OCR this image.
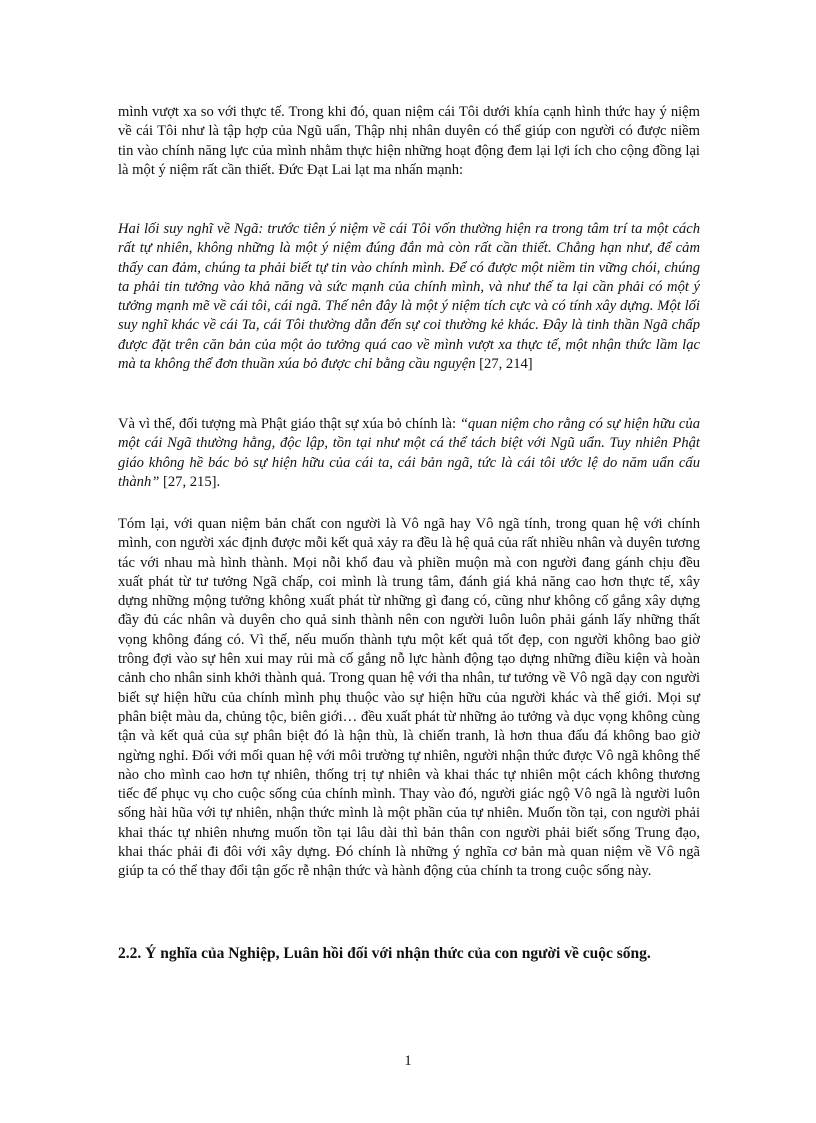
mình vượt xa so với thực tế. Trong khi đó, quan niệm cái Tôi dưới khía cạnh hình thức hay ý niệm về cái Tôi như là tập hợp của Ngũ uẩn, Thập nhị nhân duyên có thể giúp con người có được niềm tin vào chính năng lực của mình nhằm thực hiện những hoạt động đem lại lợi ích cho cộng đồng lại là một ý niệm rất cần thiết. Đức Đạt Lai lạt ma nhấn mạnh:

Hai lối suy nghĩ về Ngã: trước tiên ý niệm về cái Tôi vốn thường hiện ra trong tâm trí ta một cách rất tự nhiên, không những là một ý niệm đúng đắn mà còn rất cần thiết. Chẳng hạn như, để cảm thấy can đảm, chúng ta phải biết tự tin vào chính mình. Để có được một niềm tin vững chói, chúng ta phải tin tưởng vào khả năng và sức mạnh của chính mình, và như thế ta lại cần phải có một ý tưởng mạnh mẽ về cái tôi, cái ngã. Thế nên đây là một ý niệm tích cực và có tính xây dựng. Một lối suy nghĩ khác về cái Ta, cái Tôi thường dẫn đến sự coi thường kẻ khác. Đây là tinh thần Ngã chấp được đặt trên căn bản của một ảo tưởng quá cao về mình vượt xa thực tế, một nhận thức lầm lạc mà ta không thể đơn thuần xúa bỏ được chỉ bằng cầu nguyện [27, 214]

Và vì thế, đối tượng mà Phật giáo thật sự xúa bỏ chính là: “quan niệm cho rằng có sự hiện hữu của một cái Ngã thường hằng, độc lập, tồn tại như một cá thể tách biệt với Ngũ uẩn. Tuy nhiên Phật giáo không hề bác bỏ sự hiện hữu của cái ta, cái bản ngã, tức là cái tôi ước lệ do năm uẩn cấu thành” [27, 215].

Tóm lại, với quan niệm bản chất con người là Vô ngã hay Vô ngã tính, trong quan hệ với chính mình, con người xác định được mỗi kết quả xảy ra đều là hệ quả của rất nhiều nhân và duyên tương tác với nhau mà hình thành. Mọi nỗi khổ đau và phiền muộn mà con người đang gánh chịu đều xuất phát từ tư tưởng Ngã chấp, coi mình là trung tâm, đánh giá khả năng cao hơn thực tế, xây dựng những mộng tưởng không xuất phát từ những gì đang có, cũng như không cố gắng xây dựng đầy đủ các nhân và duyên cho quả sinh thành nên con người luôn luôn phải gánh lấy những thất vọng không đáng có. Vì thế, nếu muốn thành tựu một kết quả tốt đẹp, con người không bao giờ trông đợi vào sự hên xui may rủi mà cố gắng nỗ lực hành động tạo dựng những điều kiện và hoàn cảnh cho nhân sinh khởi thành quả. Trong quan hệ với tha nhân, tư tưởng về Vô ngã dạy con người biết sự hiện hữu của chính mình phụ thuộc vào sự hiện hữu của người khác và thế giới. Mọi sự phân biệt màu da, chủng tộc, biên giới… đều xuất phát từ những ảo tưởng và dục vọng không cùng tận và kết quả của sự phân biệt đó là hận thù, là chiến tranh, là hơn thua đấu đá không bao giờ ngừng nghỉ. Đối với mối quan hệ với môi trường tự nhiên, người nhận thức được Vô ngã không thể nào cho mình cao hơn tự nhiên, thống trị tự nhiên và khai thác tự nhiên một cách không thương tiếc để phục vụ cho cuộc sống của chính mình. Thay vào đó, người giác ngộ Vô ngã là người luôn sống hài hũa với tự nhiên, nhận thức mình là một phần của tự nhiên. Muốn tồn tại, con người phải khai thác tự nhiên nhưng muốn tồn tại lâu dài thì bản thân con người phải biết sống Trung đạo, khai thác phải đi đôi với xây dựng. Đó chính là những ý nghĩa cơ bản mà quan niệm về Vô ngã giúp ta có thể thay đổi tận gốc rễ nhận thức và hành động của chính ta trong cuộc sống này.

2.2. Ý nghĩa của Nghiệp, Luân hồi đối với nhận thức của con người về cuộc sống.
1
